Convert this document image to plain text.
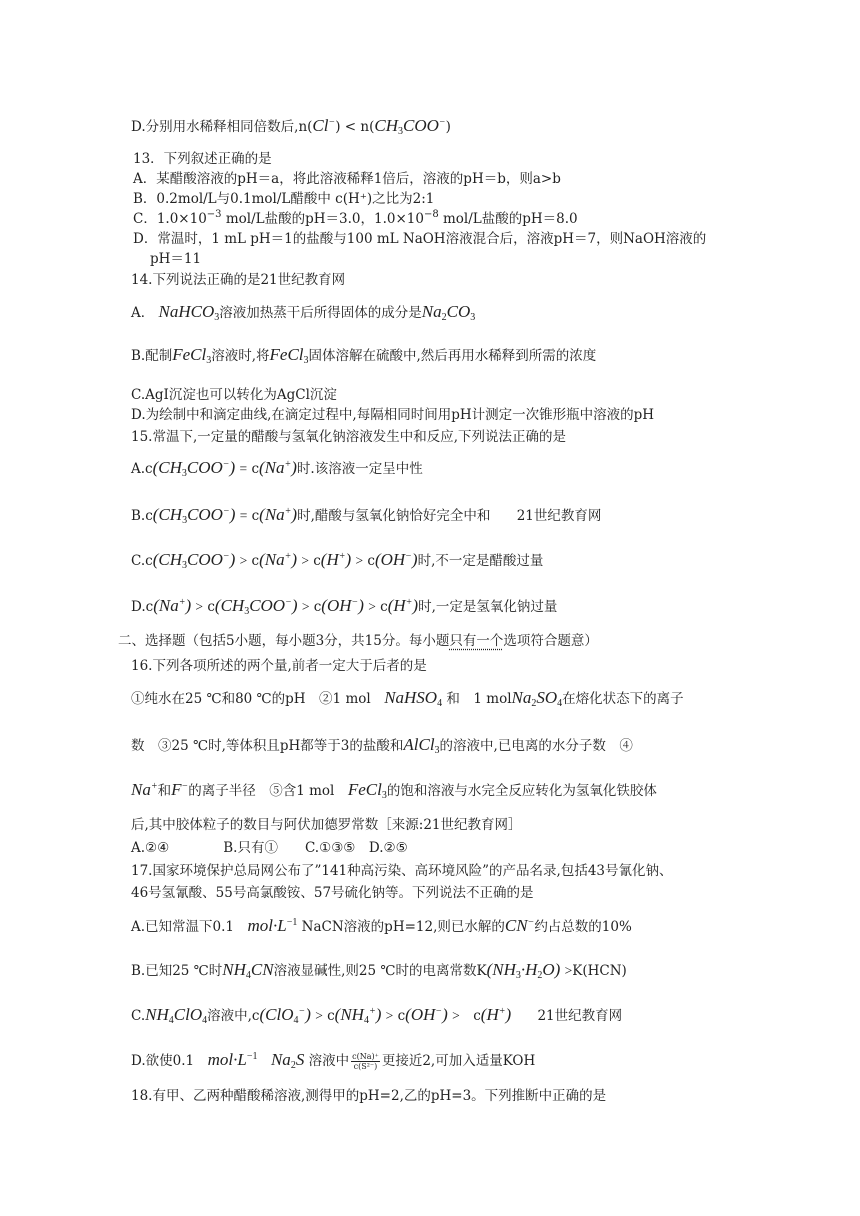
D.分别用水稀释相同倍数后$,n(Cl^-) < n(CH_3COO^-)$
13．下列叙述正确的是
A．某醋酸溶液的pH＝a，将此溶液稀释1倍后，溶液的pH＝b，则a>b
B．0.2mol/L与0.1mol/L醋酸中 c(H⁺)之比为2:1
C．$1.0\times 10^{-3}$ mol/L盐酸的pH＝3.0，$1.0\times 10^{-8}$ mol/L盐酸的pH＝8.0
D．常温时，1 mL pH＝1的盐酸与100 mL NaOH溶液混合后，溶液pH＝7，则NaOH溶液的
pH＝11
14.下列说法正确的是21世纪教育网
A． NaHCO$_3$溶液加热蒸干后所得固体的成分是$Na_2CO_3$
B.配制FeCl$_3$溶液时,将FeCl$_3$固体溶解在硫酸中,然后再用水稀释到所需的浓度
C.AgI沉淀也可以转化为AgCl沉淀
D.为绘制中和滴定曲线,在滴定过程中,每隔相同时间用pH计测定一次锥形瓶中溶液的pH
15.常温下,一定量的醋酸与氢氧化钠溶液发生中和反应,下列说法正确的是
$A.c(CH_3COO^-) = c(Na^+)$时.该溶液一定呈中性
$B.c(CH_3COO^-) = c(Na^+)$时,醋酸与氢氧化钠恰好完全中和 21世纪教育网
$C.c(CH_3COO^-) > c(Na^+) > c(H^+) > c(OH^-)$时,不一定是醋酸过量
$D.c(Na^+) > c(CH_3COO^-) > c(OH^-) > c(H^+)$时,一定是氢氧化钠过量
二、选择题（包括5小题，每小题3分，共15分。每小题只有一个选项符合题意）
16.下列各项所述的两个量,前者一定大于后者的是
①纯水在25 ℃和80 ℃的pH　②1 mol　 NaHSO$_4$ 和　1 $molNa_2SO_4$在熔化状态下的离子
数　③25 ℃时,等体积且pH都等于3的盐酸和AlCl$_3$的溶液中,已电离的水分子数　④
Na+和F−的离子半径　⑤含1 mol　 FeCl$_3$的饱和溶液与水完全反应转化为氢氧化铁胶体
后,其中胶体粒子的数目与阿伏加德罗常数［来源:21世纪教育网］
A.②④　　　　B.只有①　　C.①③⑤　D.②⑤
17.国家环境保护总局网公布了”141种高污染、高环境风险”的产品名录,包括43号氰化钠、
46号氢氰酸、55号高氯酸铵、57号硫化钠等。下列说法不正确的是
A.已知常温下0.1　 $mol\cdot L^{-1}$ NaCN溶液的pH=12,则已水解的CN−约占总数的10%
B.已知25 ℃时$NH_4CN$溶液显碱性,则25 ℃时的电离常数$K(NH_3\cdot H_2O) >K(HCN)$
$C.NH_4ClO_4$溶液中$,c(ClO_4^-) > c(NH_4^+) > c(OH^-)$ >　 c(H+) 21世纪教育网
D.欲使0.1　 $mol\cdot L^{-1}$　 $Na_2S$ 溶液中 $\frac{c(Na)^+}{\text{c(S²⁻)}}$ 更接近2,可加入适量KOH
18.有甲、乙两种醋酸稀溶液,测得甲的pH=2,乙的pH=3。下列推断中正确的是
